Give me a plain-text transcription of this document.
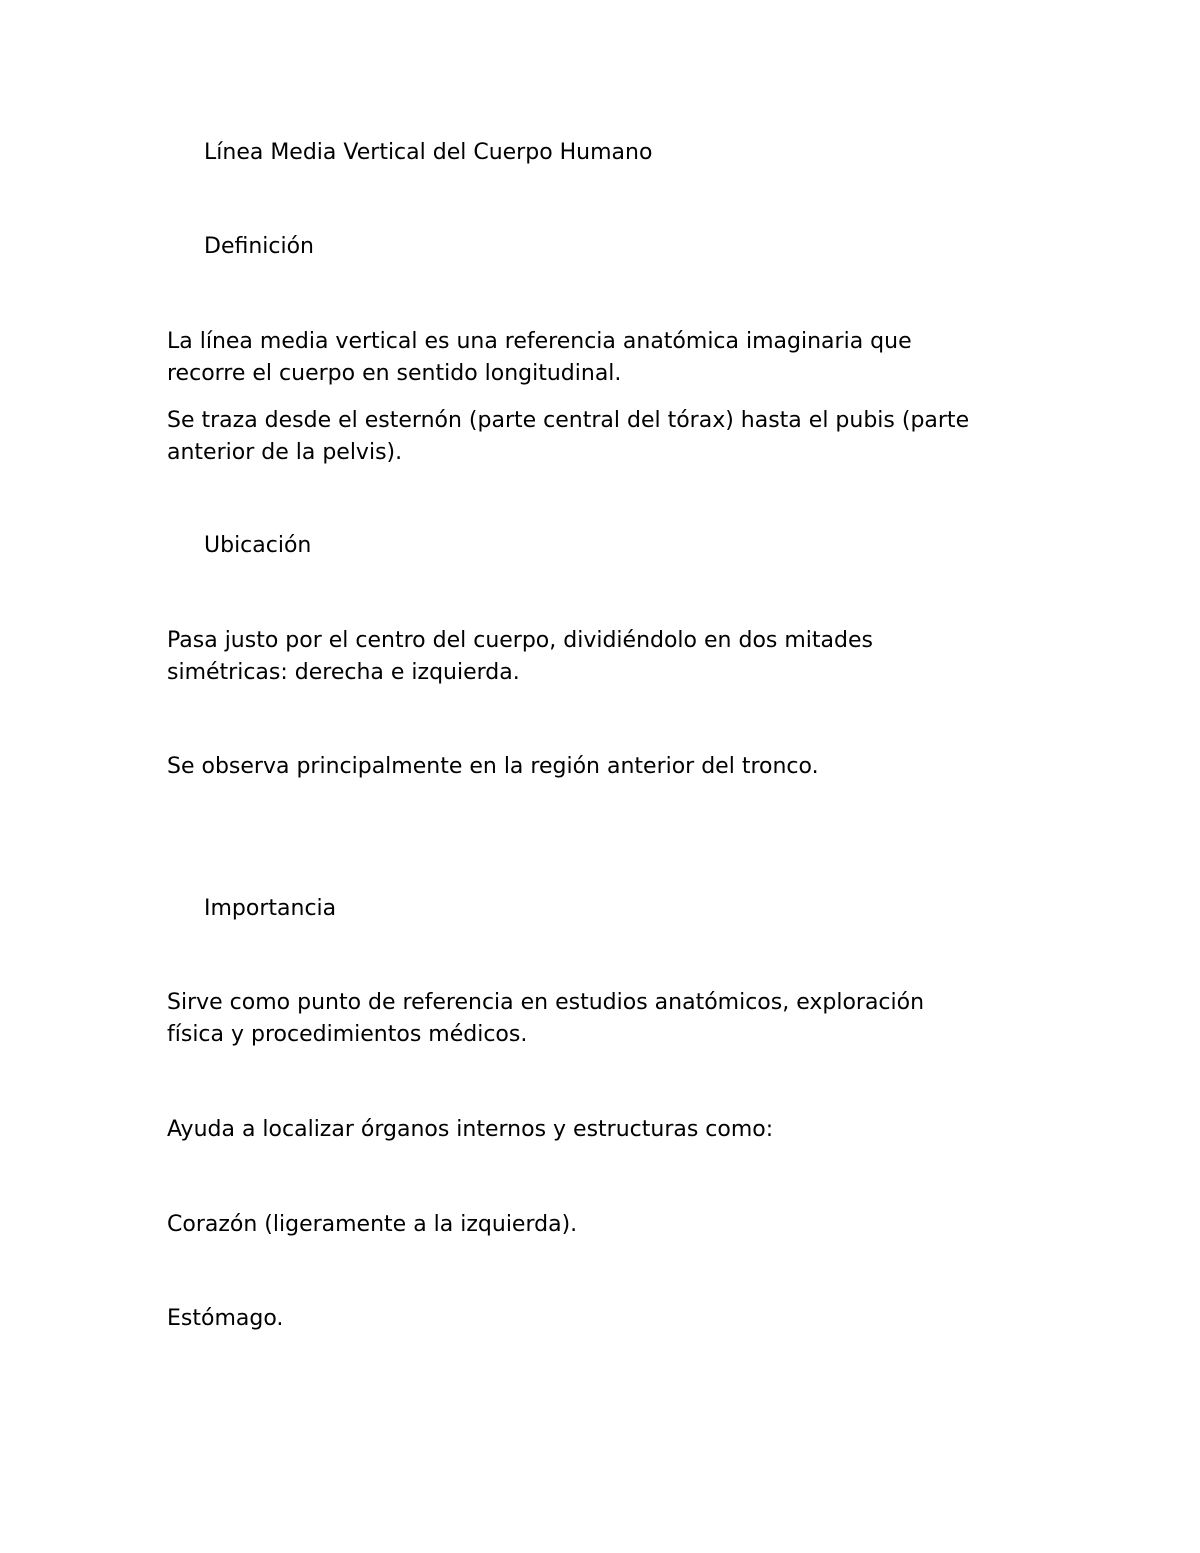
Línea Media Vertical del Cuerpo Humano
Definición

La línea media vertical es una referencia anatómica imaginaria que

recorre el cuerpo en sentido longitudinal.

Se traza desde el esternón (parte central del tórax) hasta el pubis (parte

anterior de la pelvis).

Ubicación

Pasa justo por el centro del cuerpo, dividiéndolo en dos mitades

simétricas: derecha e izquierda.

Se observa principalmente en la región anterior del tronco.

Importancia

Sirve como punto de referencia en estudios anatómicos, exploración

física y procedimientos médicos.

Ayuda a localizar órganos internos y estructuras como:

Corazón (ligeramente a la izquierda).

Estómago.
